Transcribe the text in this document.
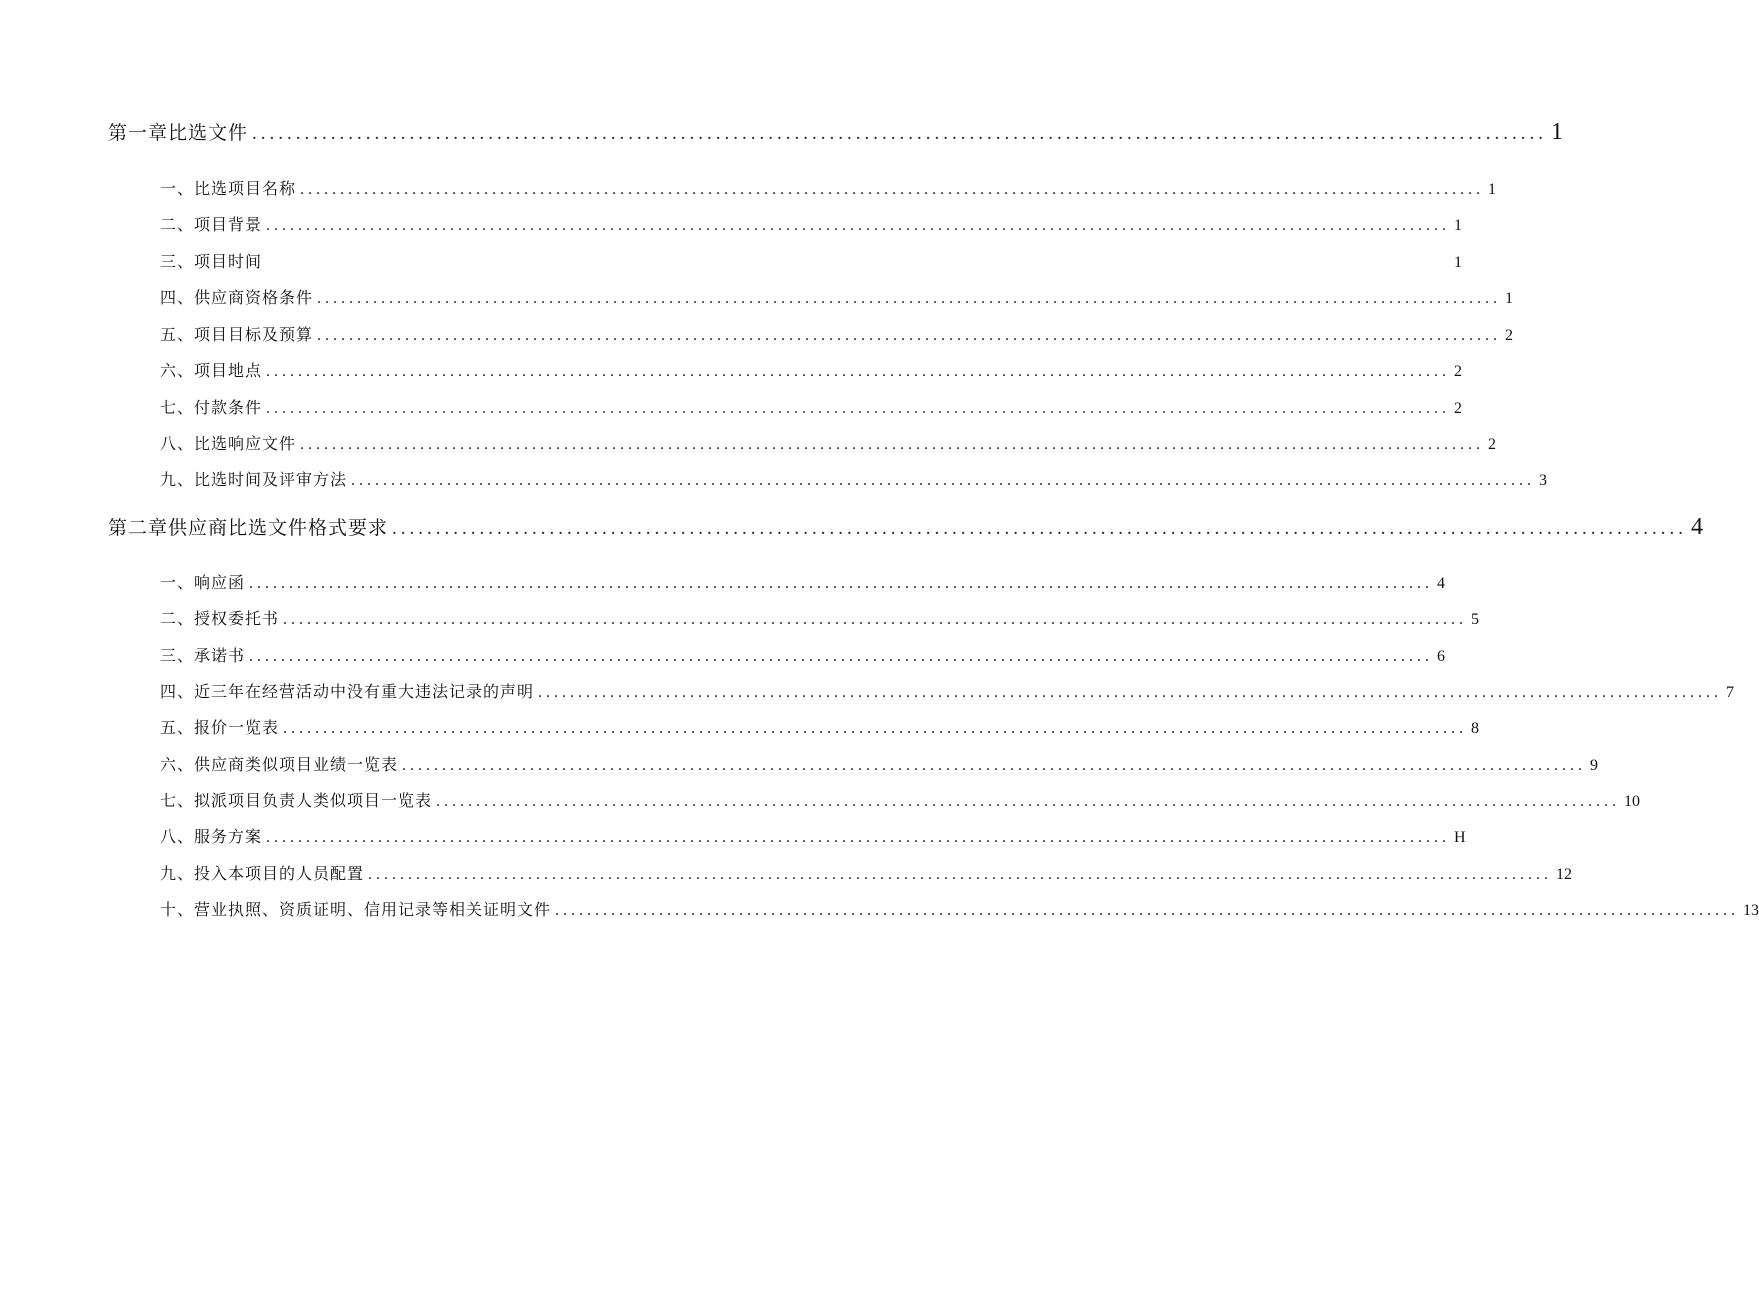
第一章比选文件 .................................................................................................................................................... 1
一、比选项目名称 .................................................................................................................................................... 1
二、项目背景 .................................................................................................................................................... 1
三、项目时间	1
四、供应商资格条件 .................................................................................................................................................... 1
五、项目目标及预算 .................................................................................................................................................... 2
六、项目地点 .................................................................................................................................................... 2
七、付款条件 .................................................................................................................................................... 2
八、比选响应文件 .................................................................................................................................................... 2
九、比选时间及评审方法 .................................................................................................................................................... 3
第二章供应商比选文件格式要求 .................................................................................................................................................... 4
一、响应函 .................................................................................................................................................... 4
二、授权委托书 .................................................................................................................................................... 5
三、承诺书 .................................................................................................................................................... 6
四、近三年在经营活动中没有重大违法记录的声明 .................................................................................................................................................... 7
五、报价一览表 .................................................................................................................................................... 8
六、供应商类似项目业绩一览表 .................................................................................................................................................... 9
七、拟派项目负责人类似项目一览表 .................................................................................................................................................... 10
八、服务方案 .................................................................................................................................................... H
九、投入本项目的人员配置 .................................................................................................................................................... 12
十、营业执照、资质证明、信用记录等相关证明文件 .................................................................................................................................................... 13
